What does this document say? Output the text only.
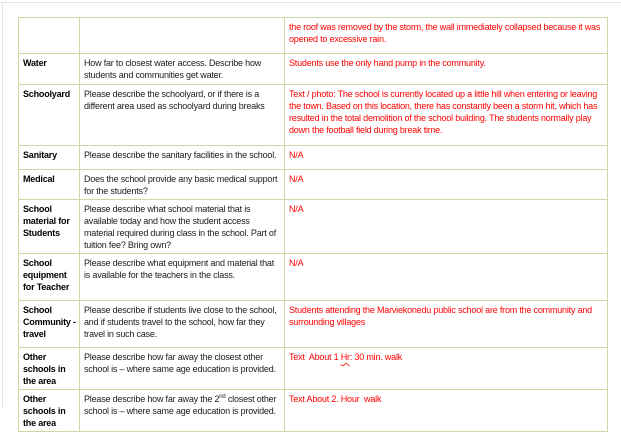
		the roof was removed by the storm, the wall immediately collapsed because it was opened to excessive rain.
Water	How far to closest water access. Describe how students and communities get water.	Students use the only hand pump in the community.
Schoolyard	Please describe the schoolyard, or if there is a different area used as schoolyard during breaks	Text / photo: The school is currently located up a little hill when entering or leaving the town. Based on this location, there has constantly been a storm hit, which has resulted in the total demolition of the school building. The students normally play down the football field during break time.
Sanitary	Please describe the sanitary facilities in the school.	N/A
Medical	Does the school provide any basic medical support for the students?	N/A
School material for Students	Please describe what school material that is available today and how the student access material required during class in the school. Part of tuition fee? Bring own?	N/A
School equipment for Teacher	Please describe what equipment and material that is available for the teachers in the class.	N/A
School Community - travel	Please describe if students live close to the school, and if students travel to the school, how far they travel in such case.	Students attending the Marviekonedu public school are from the community and surrounding villages
Other schools in the area	Please describe how far away the closest other school is – where same age education is provided.	Text  About 1 Hr: 30 min. walk
Other schools in the area	Please describe how far away the 2nd closest other school is – where same age education is provided.	Text About 2. Hour  walk
